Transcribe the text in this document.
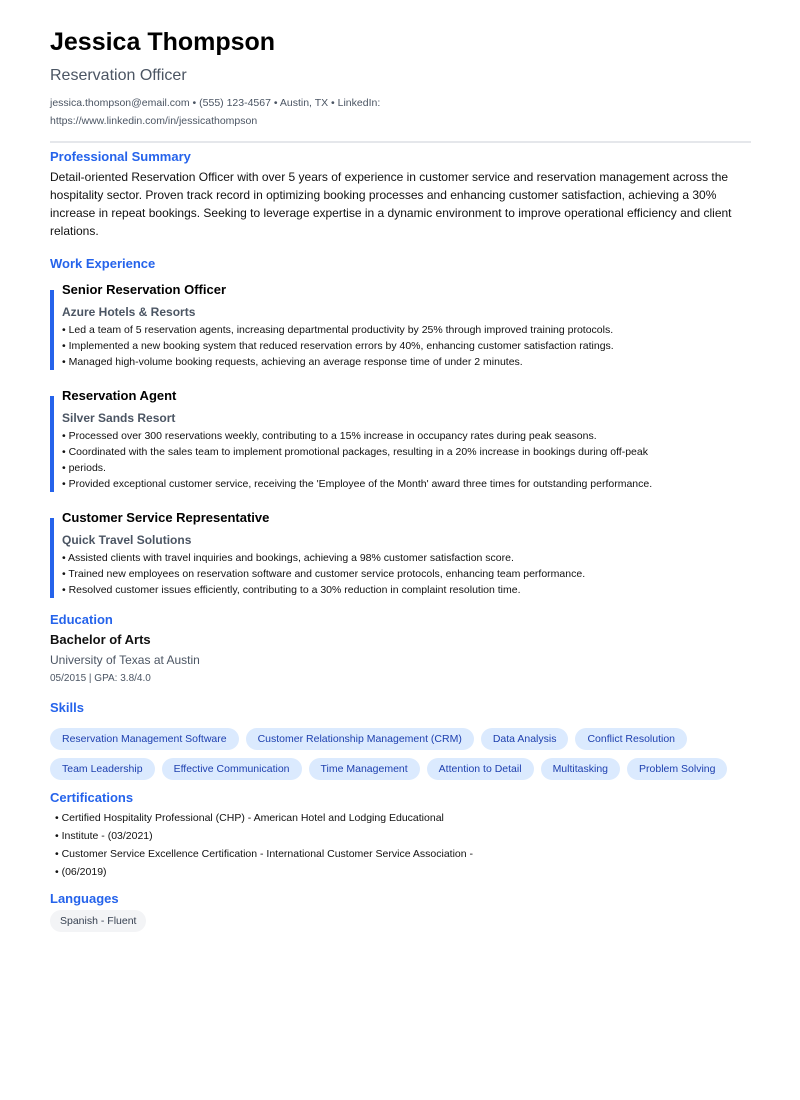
Jessica Thompson
Reservation Officer
jessica.thompson@email.com • (555) 123-4567 • Austin, TX • LinkedIn: https://www.linkedin.com/in/jessicathompson
Professional Summary

Detail-oriented Reservation Officer with over 5 years of experience in customer service and reservation management across the hospitality sector. Proven track record in optimizing booking processes and enhancing customer satisfaction, achieving a 30% increase in repeat bookings. Seeking to leverage expertise in a dynamic environment to improve operational efficiency and client relations.

Work Experience
Senior Reservation Officer
Azure Hotels & Resorts
• Led a team of 5 reservation agents, increasing departmental productivity by 25% through improved training protocols.
• Implemented a new booking system that reduced reservation errors by 40%, enhancing customer satisfaction ratings.
• Managed high-volume booking requests, achieving an average response time of under 2 minutes.
Reservation Agent
Silver Sands Resort
• Processed over 300 reservations weekly, contributing to a 15% increase in occupancy rates during peak seasons.
• Coordinated with the sales team to implement promotional packages, resulting in a 20% increase in bookings during off-peak
• periods.
• Provided exceptional customer service, receiving the 'Employee of the Month' award three times for outstanding performance.
Customer Service Representative
Quick Travel Solutions
• Assisted clients with travel inquiries and bookings, achieving a 98% customer satisfaction score.
• Trained new employees on reservation software and customer service protocols, enhancing team performance.
• Resolved customer issues efficiently, contributing to a 30% reduction in complaint resolution time.
Education
Bachelor of Arts
University of Texas at Austin
05/2015 | GPA: 3.8/4.0
Skills
Reservation Management Software	Customer Relationship Management (CRM)	Data Analysis	Conflict Resolution
Team Leadership	Effective Communication	Time Management	Attention to Detail	Multitasking	Problem Solving
Certifications
• Certified Hospitality Professional (CHP) - American Hotel and Lodging Educational
• Institute - (03/2021)
• Customer Service Excellence Certification - International Customer Service Association -
• (06/2019)
Languages
Spanish - Fluent
